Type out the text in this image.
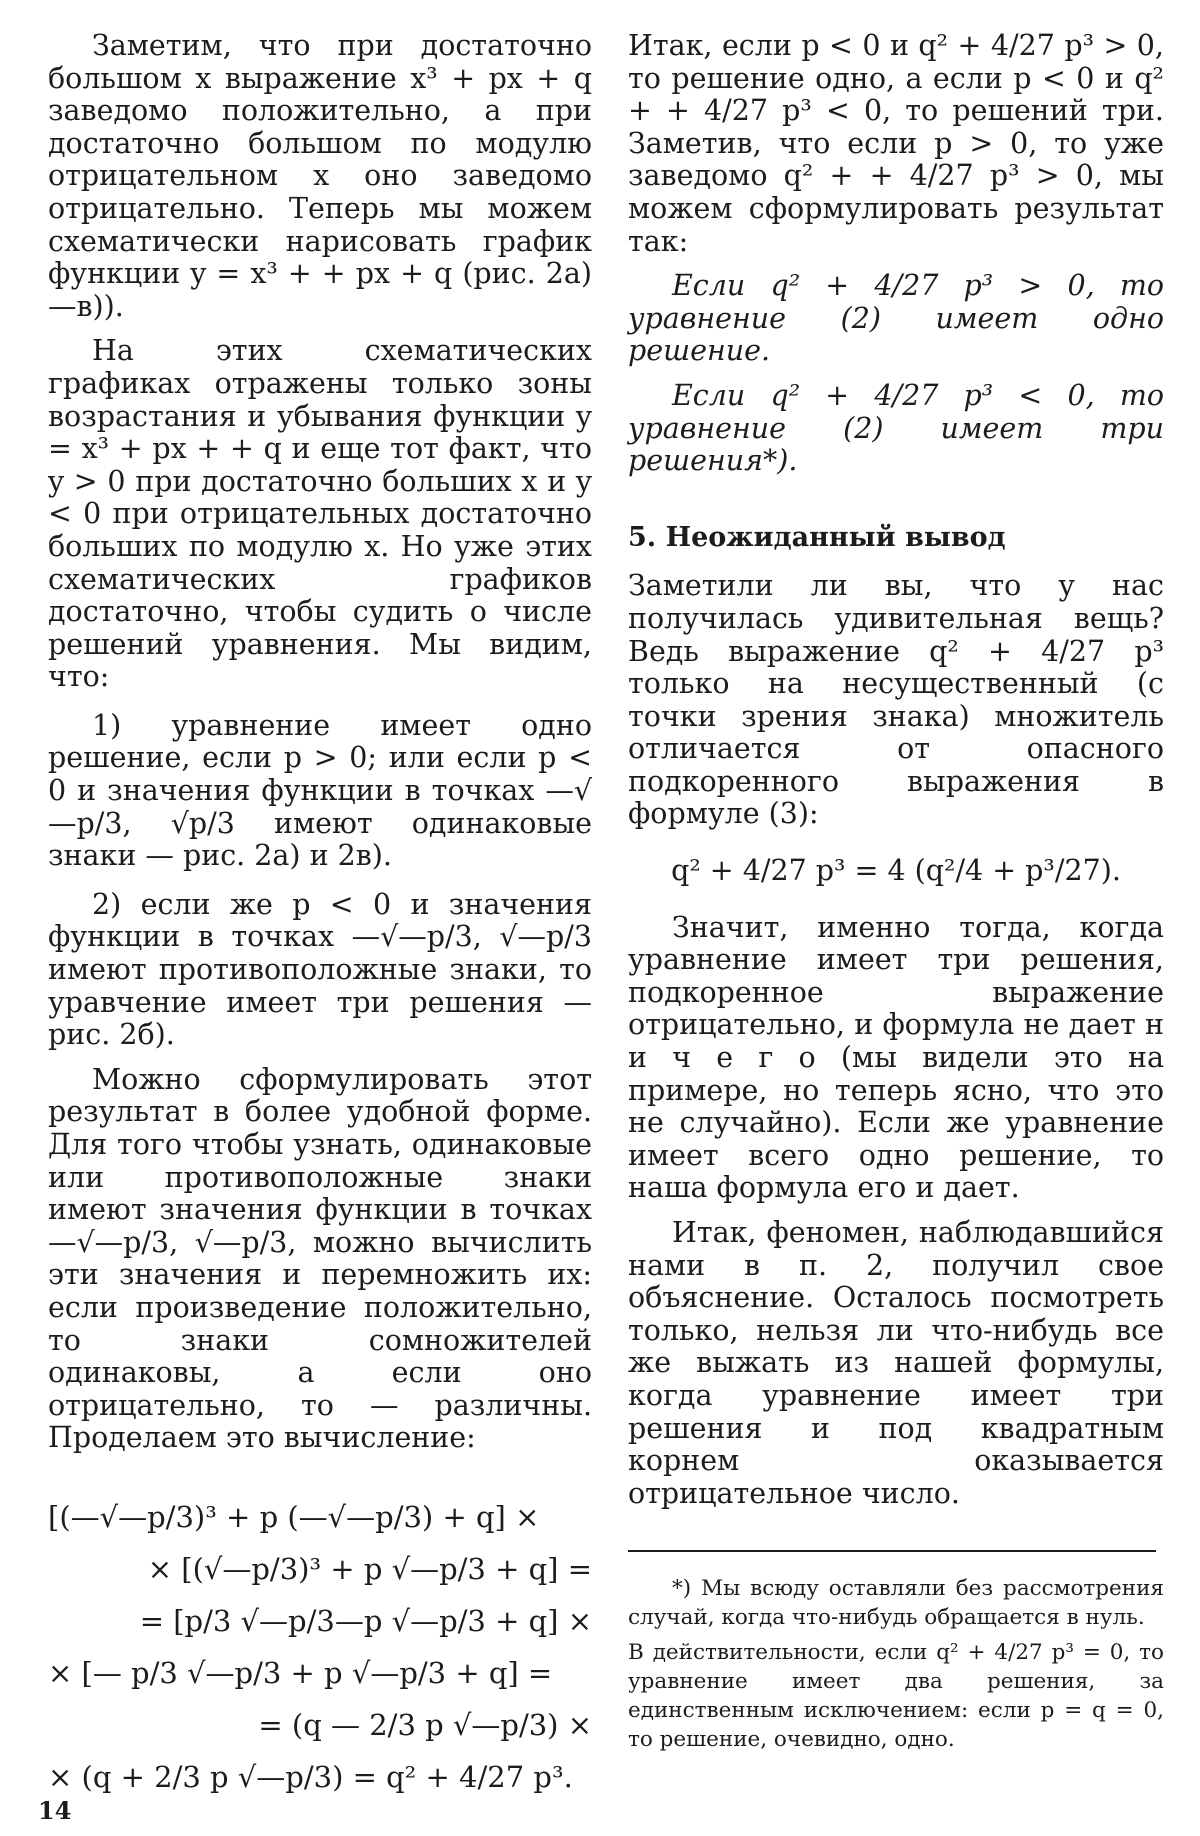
Заметим, что при достаточно большом x выражение x³ + px + q заведомо положительно, а при достаточно большом по модулю отрицательном x оно заведомо отрицательно. Теперь мы можем схематически нарисовать график функции y = x³ + + px + q (рис. 2а)—в)).

На этих схематических графиках отражены только зоны возрастания и убывания функции y = x³ + px + + q и еще тот факт, что y > 0 при достаточно больших x и y < 0 при отрицательных достаточно больших по модулю x. Но уже этих схематических графиков достаточно, чтобы судить о числе решений уравнения. Мы видим, что:

1) уравнение имеет одно решение, если p > 0; или если p < 0 и значения функции в точках —√—p/3, √p/3 имеют одинаковые знаки — рис. 2а) и 2в).

2) если же p < 0 и значения функции в точках —√—p/3, √—p/3 имеют противоположные знаки, то уравчение имеет три решения — рис. 2б).

Можно сформулировать этот результат в более удобной форме. Для того чтобы узнать, одинаковые или противоположные знаки имеют значения функции в точках —√—p/3, √—p/3, можно вычислить эти значения и перемножить их: если произведение положительно, то знаки сомножителей одинаковы, а если оно отрицательно, то — различны. Проделаем это вычисление:

[(—√—p/3)³ + p (—√—p/3) + q] ×
× [(√—p/3)³ + p √—p/3 + q] =
= [p/3 √—p/3—p √—p/3 + q] ×
× [— p/3 √—p/3 + p √—p/3 + q] =
= (q — 2/3 p √—p/3) ×
× (q + 2/3 p √—p/3) = q² + 4/27 p³.

Итак, если p < 0 и q² + 4/27 p³ > 0, то решение одно, а если p < 0 и q² + + 4/27 p³ < 0, то решений три. Заметив, что если p > 0, то уже заведомо q² + + 4/27 p³ > 0, мы можем сформулировать результат так:

Если q² + 4/27 p³ > 0, то уравнение (2) имеет одно решение.

Если q² + 4/27 p³ < 0, то уравнение (2) имеет три решения*).

5. Неожиданный вывод

Заметили ли вы, что у нас получилась удивительная вещь? Ведь выражение q² + 4/27 p³ только на несущественный (с точки зрения знака) множитель отличается от опасного подкоренного выражения в формуле (3):

q² + 4/27 p³ = 4 (q²/4 + p³/27).

Значит, именно тогда, когда уравнение имеет три решения, подкоренное выражение отрицательно, и формула не дает н и ч е г о (мы видели это на примере, но теперь ясно, что это не случайно). Если же уравнение имеет всего одно решение, то наша формула его и дает.

Итак, феномен, наблюдавшийся нами в п. 2, получил свое объяснение. Осталось посмотреть только, нельзя ли что-нибудь все же выжать из нашей формулы, когда уравнение имеет три решения и под квадратным корнем оказывается отрицательное число.

*) Мы всюду оставляли без рассмотрения случай, когда что-нибудь обращается в нуль.

В действительности, если q² + 4/27 p³ = 0, то уравнение имеет два решения, за единственным исключением: если p = q = 0, то решение, очевидно, одно.

14
